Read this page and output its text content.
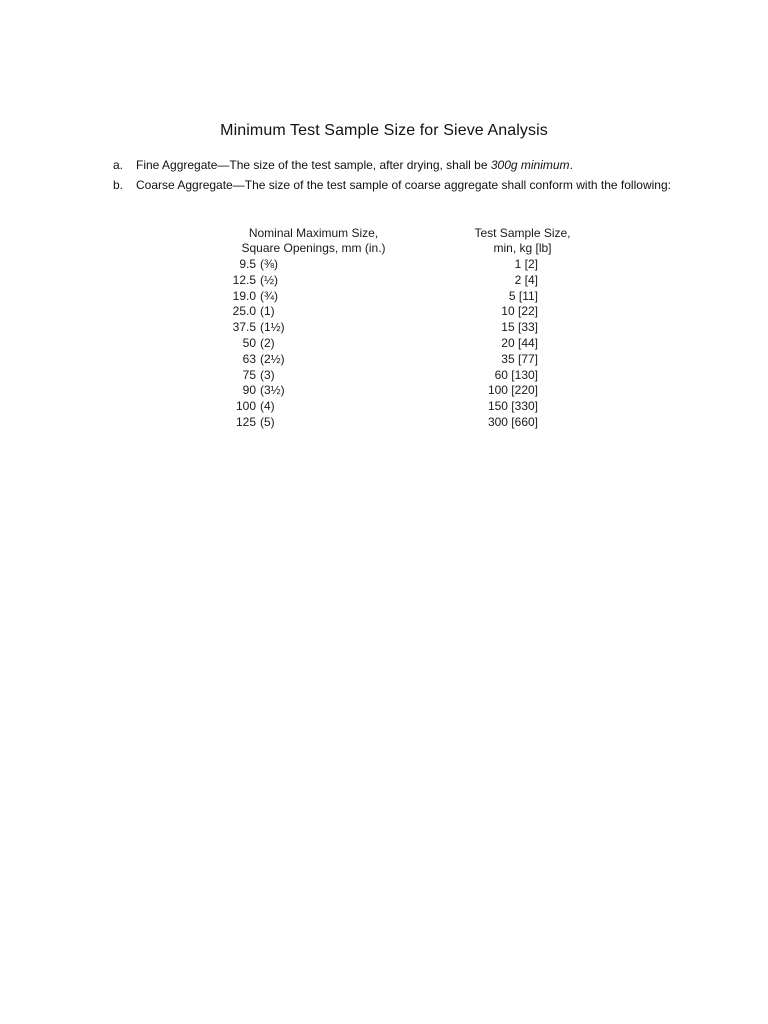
Minimum Test Sample Size for Sieve Analysis
a.	Fine Aggregate—The size of the test sample, after drying, shall be 300g minimum.
b.	Coarse Aggregate—The size of the test sample of coarse aggregate shall conform with the following:
Nominal Maximum Size,
Square Openings, mm (in.)
Test Sample Size,
min, kg [lb]
9.5 (⅜)	1 [2]
12.5 (½)	2 [4]
19.0 (¾)	5 [11]
25.0 (1)	10 [22]
37.5 (1½)	15 [33]
50 (2)	20 [44]
63 (2½)	35 [77]
75 (3)	60 [130]
90 (3½)	100 [220]
100 (4)	150 [330]
125 (5)	300 [660]
